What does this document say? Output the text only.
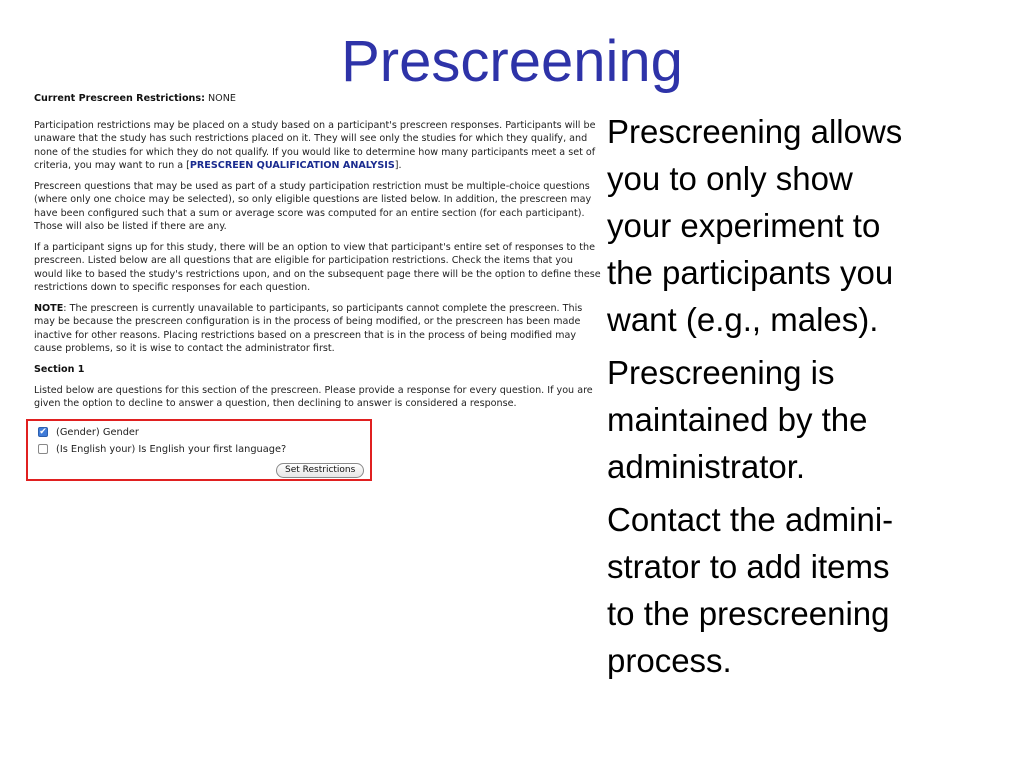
Prescreening

Current Prescreen Restrictions: NONE

Participation restrictions may be placed on a study based on a participant's prescreen responses. Participants will be unaware that the study has such restrictions placed on it. They will see only the studies for which they qualify, and none of the studies for which they do not qualify. If you would like to determine how many participants meet a set of criteria, you may want to run a [PRESCREEN QUALIFICATION ANALYSIS].

Prescreen questions that may be used as part of a study participation restriction must be multiple-choice questions (where only one choice may be selected), so only eligible questions are listed below. In addition, the prescreen may have been configured such that a sum or average score was computed for an entire section (for each participant). Those will also be listed if there are any.

If a participant signs up for this study, there will be an option to view that participant's entire set of responses to the prescreen. Listed below are all questions that are eligible for participation restrictions. Check the items that you would like to based the study's restrictions upon, and on the subsequent page there will be the option to define these restrictions down to specific responses for each question.

NOTE: The prescreen is currently unavailable to participants, so participants cannot complete the prescreen. This may be because the prescreen configuration is in the process of being modified, or the prescreen has been made inactive for other reasons. Placing restrictions based on a prescreen that is in the process of being modified may cause problems, so it is wise to contact the administrator first.

Section 1

Listed below are questions for this section of the prescreen. Please provide a response for every question. If you are given the option to decline to answer a question, then declining to answer is considered a response.

✔ (Gender) Gender
(Is English your) Is English your first language?
Set Restrictions
Prescreening allows
you to only show
your experiment to
the participants you
want (e.g., males).
Prescreening is
maintained by the
administrator.
Contact the admini-
strator to add items
to the prescreening
process.
